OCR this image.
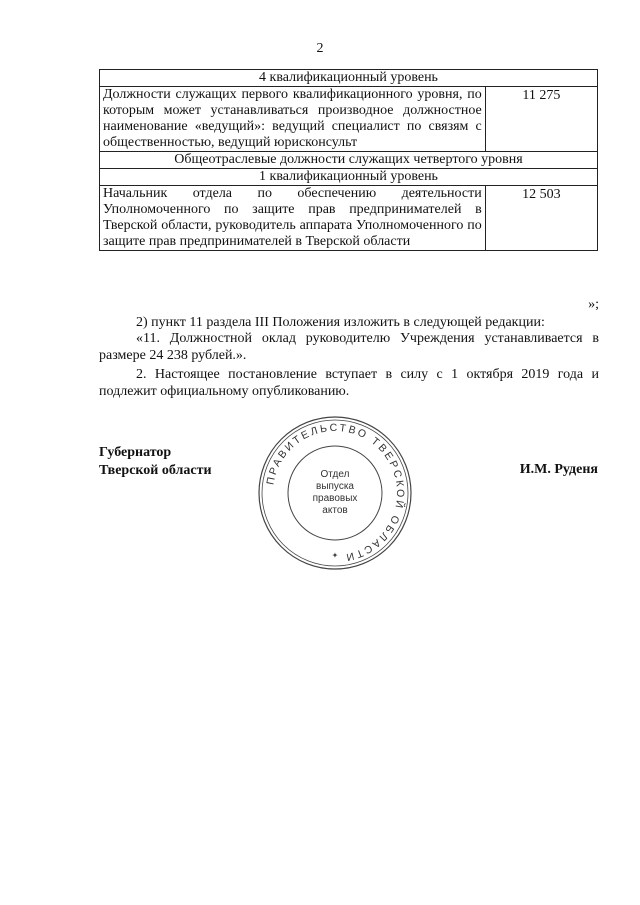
2
4 квалификационный уровень	
Должности служащих первого квалификационного уровня, по которым может устанавливаться производное должностное наименование «ведущий»: ведущий специалист по связям с общественностью, ведущий юрисконсульт	11 275
Общеотраслевые должности служащих четвертого уровня	
1 квалификационный уровень	
Начальник отдела по обеспечению деятельности Уполномоченного по защите прав предпринимателей в Тверской области, руководитель аппарата Уполномоченного по защите прав предпринимателей в Тверской области	12 503
»;

2) пункт 11 раздела III Положения изложить в следующей редакции:

«11. Должностной оклад руководителю Учреждения устанавливается в размере 24 238 рублей.».

2. Настоящее постановление вступает в силу с 1 октября 2019 года и подлежит официальному опубликованию.

Губернатор
Тверской области	И.М. Руденя
ПРАВИТЕЛЬСТВО ТВЕРСКОЙ ОБЛАСТИ
✦
Отдел
выпуска
правовых
актов
